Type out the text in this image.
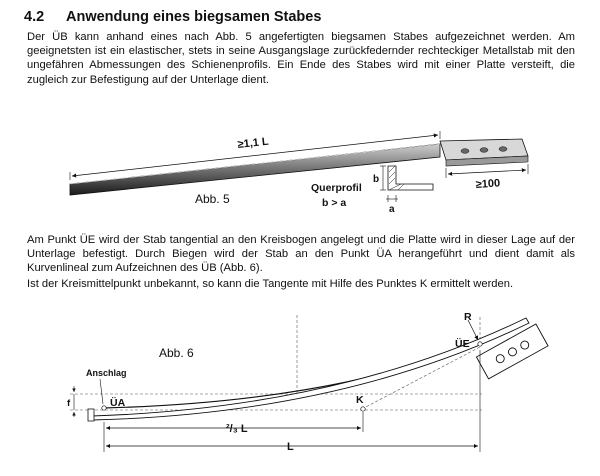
4.2 Anwendung eines biegsamen Stabes

Der ÜB kann anhand eines nach Abb. 5 angefertigten biegsamen Stabes aufgezeichnet werden. Am geeignetsten ist ein elastischer, stets in seine Ausgangslage zurückfedernder rechteckiger Metallstab mit den ungefähren Abmessungen des Schienenprofils. Ein Ende des Stabes wird mit einer Platte versteift, die zugleich zur Befestigung auf der Unterlage dient.

≥1,1 L
≥100
Abb. 5
Querprofil
b > a
b
a

Am Punkt ÜE wird der Stab tangential an den Kreisbogen angelegt und die Platte wird in dieser Lage auf der Unterlage befestigt. Durch Biegen wird der Stab an den Punkt ÜA herangeführt und dient damit als Kurvenlineal zum Aufzeichnen des ÜB (Abb. 6).

Ist der Kreismittelpunkt unbekannt, so kann die Tangente mit Hilfe des Punktes K ermittelt werden.

Anschlag
f	ÜA	K
ÜE
R
Abb. 6
²/₃ L
L
